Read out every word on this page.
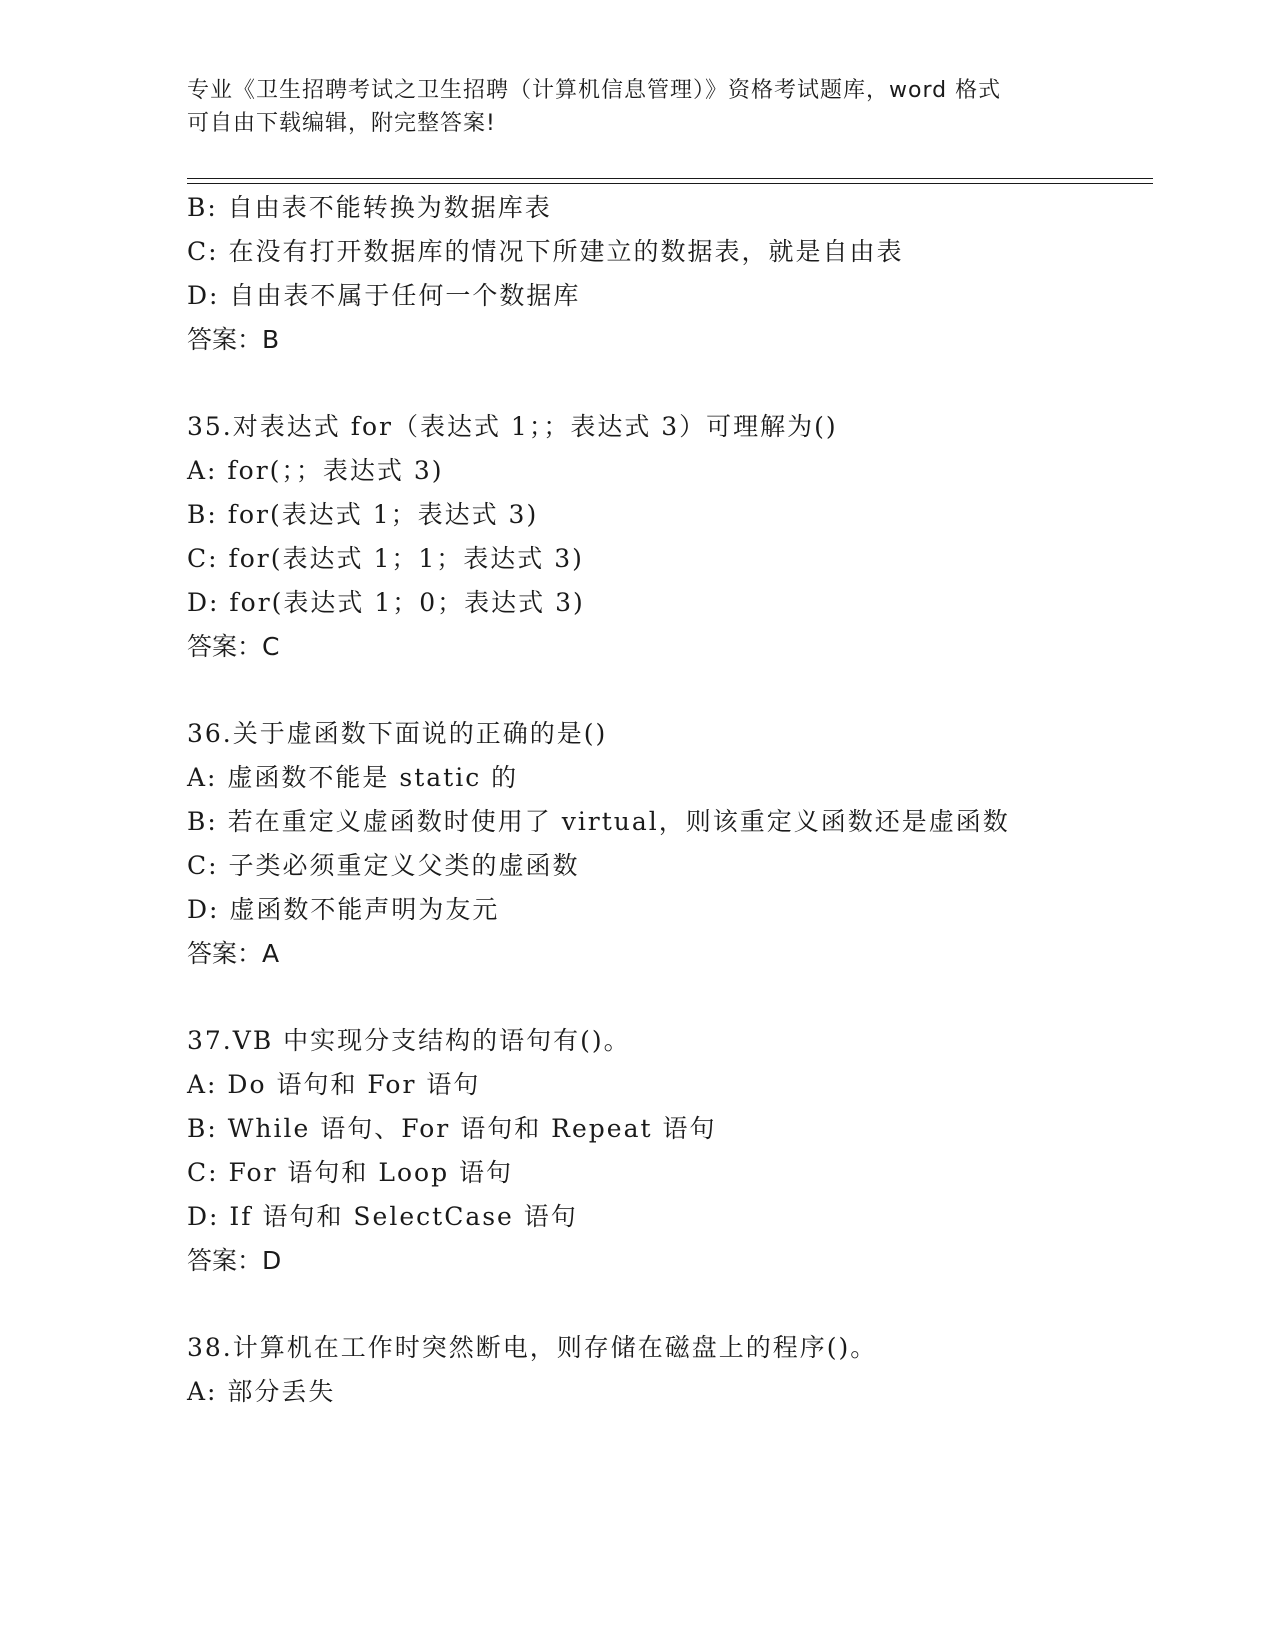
专业《卫生招聘考试之卫生招聘（计算机信息管理）》资格考试题库，word 格式
可自由下载编辑，附完整答案!
B: 自由表不能转换为数据库表
C: 在没有打开数据库的情况下所建立的数据表，就是自由表
D: 自由表不属于任何一个数据库
答案：B
35.对表达式 for（表达式 1；；表达式 3）可理解为()
A: for(；；表达式 3)
B: for(表达式 1；表达式 3)
C: for(表达式 1；1；表达式 3)
D: for(表达式 1；0；表达式 3)
答案：C
36.关于虚函数下面说的正确的是()
A: 虚函数不能是 static 的
B: 若在重定义虚函数时使用了 virtual，则该重定义函数还是虚函数
C: 子类必须重定义父类的虚函数
D: 虚函数不能声明为友元
答案：A
37.VB 中实现分支结构的语句有()。
A: Do 语句和 For 语句
B: While 语句、For 语句和 Repeat 语句
C: For 语句和 Loop 语句
D: If 语句和 SelectCase 语句
答案：D
38.计算机在工作时突然断电，则存储在磁盘上的程序()。
A: 部分丢失
